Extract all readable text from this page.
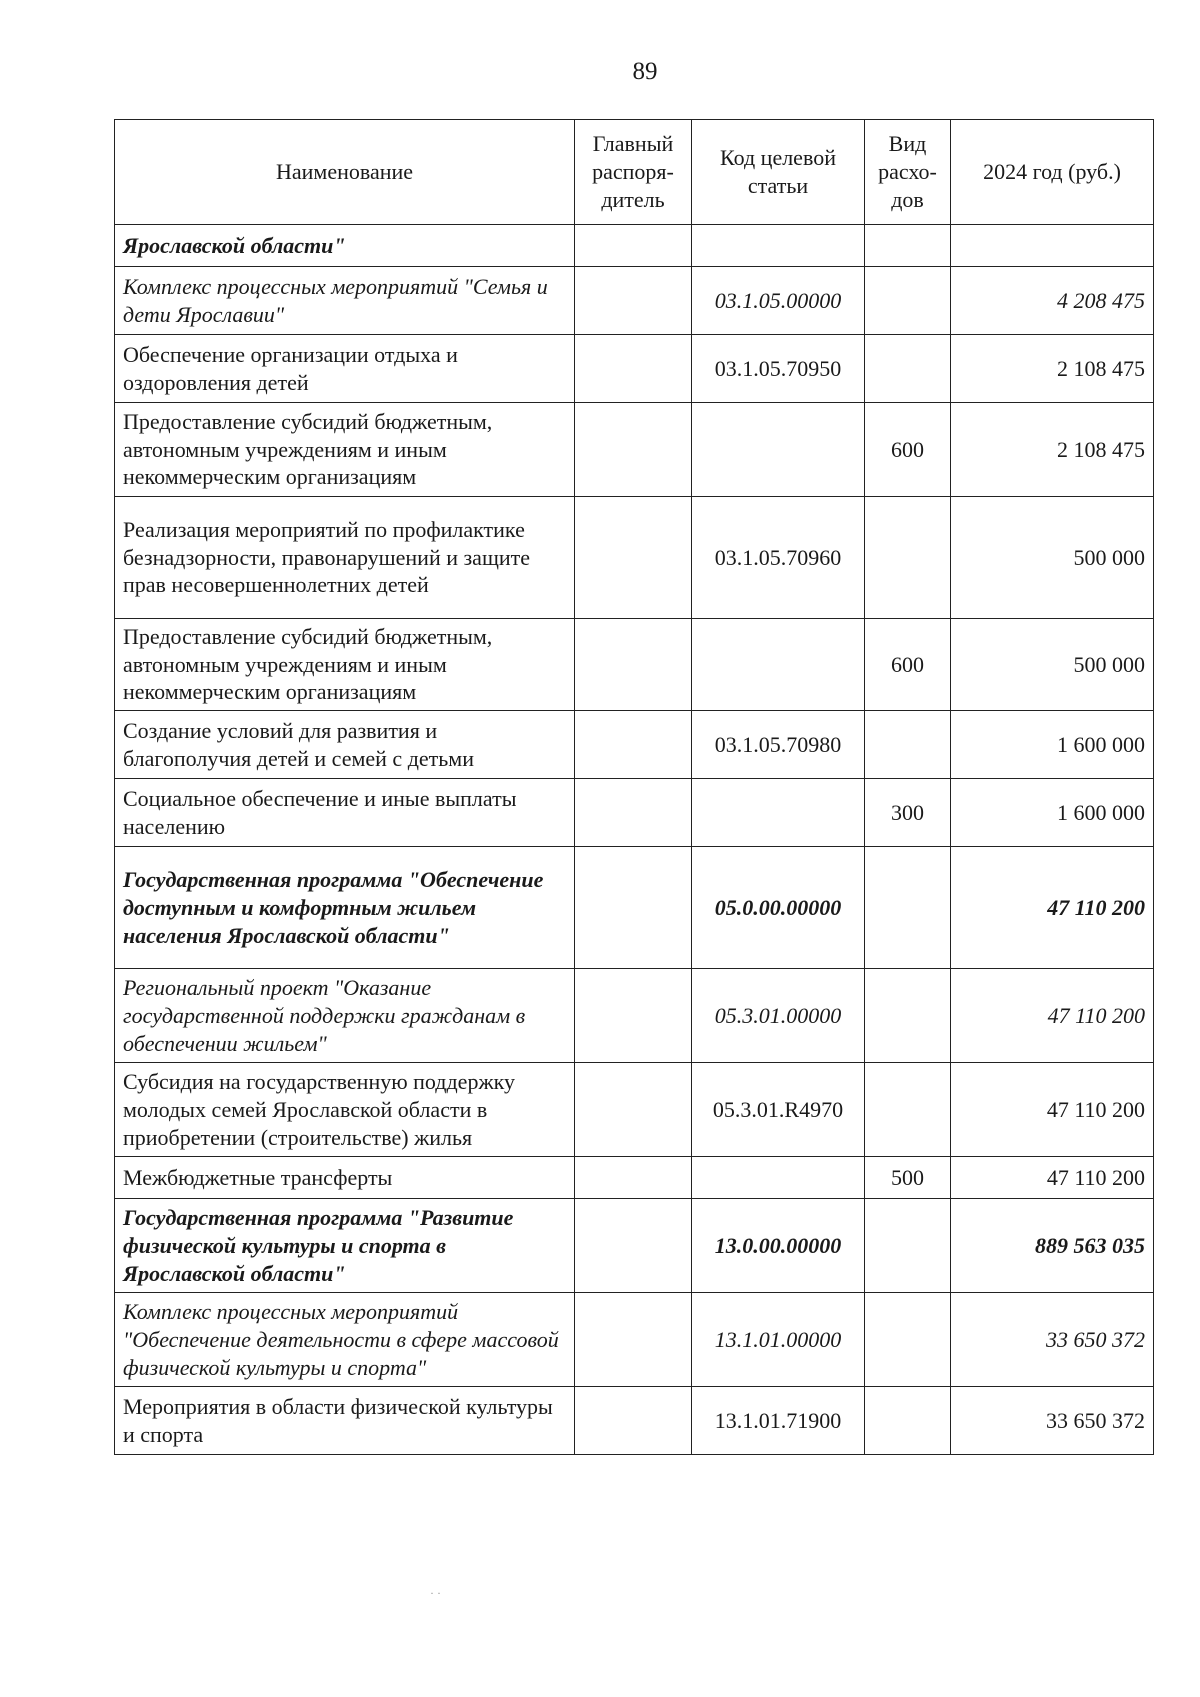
89
Наименование	Главный распоря-дитель	Код целевой статьи	Вид расхо-дов	2024 год (руб.)
Ярославской области"				
Комплекс процессных мероприятий "Семья и дети Ярославии"		03.1.05.00000		4 208 475
Обеспечение организации отдыха и оздоровления детей		03.1.05.70950		2 108 475
Предоставление субсидий бюджетным, автономным учреждениям и иным некоммерческим организациям			600	2 108 475
Реализация мероприятий по профилактике безнадзорности, правонарушений и защите прав несовершеннолетних детей		03.1.05.70960		500 000
Предоставление субсидий бюджетным, автономным учреждениям и иным некоммерческим организациям			600	500 000
Создание условий для развития и благополучия детей и семей с детьми		03.1.05.70980		1 600 000
Социальное обеспечение и иные выплаты населению			300	1 600 000
Государственная программа "Обеспечение доступным и комфортным жильем населения Ярославской области"		05.0.00.00000		47 110 200
Региональный проект "Оказание государственной поддержки гражданам в обеспечении жильем"		05.3.01.00000		47 110 200
Субсидия на государственную поддержку молодых семей Ярославской области в приобретении (строительстве) жилья		05.3.01.R4970		47 110 200
Межбюджетные трансферты			500	47 110 200
Государственная программа "Развитие физической культуры и спорта в Ярославской области"		13.0.00.00000		889 563 035
Комплекс процессных мероприятий "Обеспечение деятельности в сфере массовой физической культуры и спорта"		13.1.01.00000		33 650 372
Мероприятия в области физической культуры и спорта		13.1.01.71900		33 650 372
· ·
